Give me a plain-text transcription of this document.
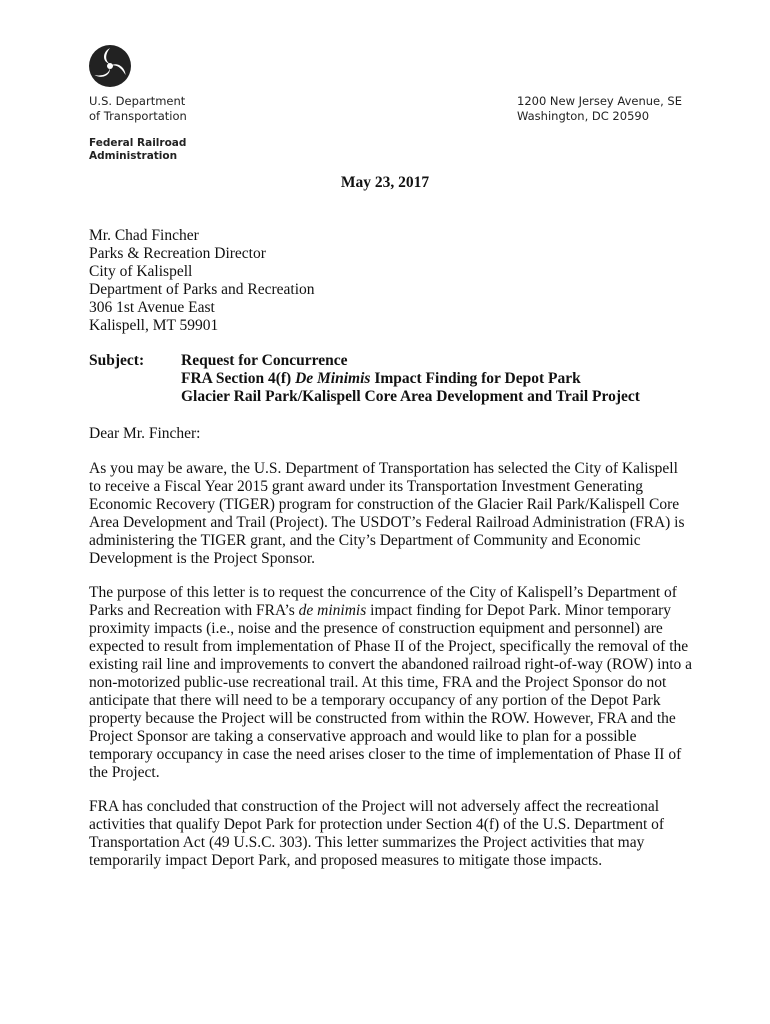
U.S. Department
of Transportation
1200 New Jersey Avenue, SE
Washington, DC 20590
Federal Railroad
Administration
May 23, 2017
Mr. Chad Fincher
Parks & Recreation Director
City of Kalispell
Department of Parks and Recreation
306 1st Avenue East
Kalispell, MT 59901
Subject: Request for Concurrence
FRA Section 4(f) De Minimis Impact Finding for Depot Park
Glacier Rail Park/Kalispell Core Area Development and Trail Project
Dear Mr. Fincher:
As you may be aware, the U.S. Department of Transportation has selected the City of Kalispell
to receive a Fiscal Year 2015 grant award under its Transportation Investment Generating
Economic Recovery (TIGER) program for construction of the Glacier Rail Park/Kalispell Core
Area Development and Trail (Project). The USDOT’s Federal Railroad Administration (FRA) is
administering the TIGER grant, and the City’s Department of Community and Economic
Development is the Project Sponsor.
The purpose of this letter is to request the concurrence of the City of Kalispell’s Department of
Parks and Recreation with FRA’s de minimis impact finding for Depot Park. Minor temporary
proximity impacts (i.e., noise and the presence of construction equipment and personnel) are
expected to result from implementation of Phase II of the Project, specifically the removal of the
existing rail line and improvements to convert the abandoned railroad right-of-way (ROW) into a
non-motorized public-use recreational trail. At this time, FRA and the Project Sponsor do not
anticipate that there will need to be a temporary occupancy of any portion of the Depot Park
property because the Project will be constructed from within the ROW. However, FRA and the
Project Sponsor are taking a conservative approach and would like to plan for a possible
temporary occupancy in case the need arises closer to the time of implementation of Phase II of
the Project.
FRA has concluded that construction of the Project will not adversely affect the recreational
activities that qualify Depot Park for protection under Section 4(f) of the U.S. Department of
Transportation Act (49 U.S.C. 303). This letter summarizes the Project activities that may
temporarily impact Deport Park, and proposed measures to mitigate those impacts.
